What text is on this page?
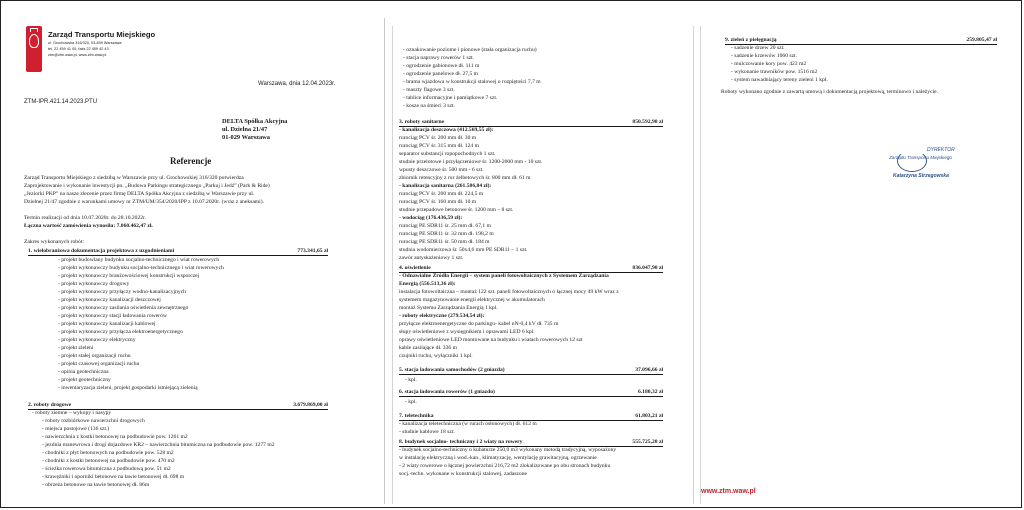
Zarząd Transportu Miejskiego
ul. Grochowska 316/320, 03-839 Warszawa
tel. 22 459 41 00, faks 22 459 42 43
ztm@ztm.waw.pl, www.ztm.waw.pl
Warszawa, dnia 12.04.2023r.
ZTM-IPR.421.14.2023.PTU
DELTA Spółka Akcyjna
ul. Dzielna 21/47
01-029 Warszawa
Referencje
Zarząd Transportu Miejskiego z siedzibą w Warszawie przy ul. Grochowskiej 316/320 potwierdza
Zaprojektowanie i wykonanie inwestycji pn. „Budowa Parkingu strategicznego „Parkuj i Jedź” (Park & Ride)
„Jeziorki PKP” na nasze zlecenie przez firmę DELTA Spółka Akcyjna z siedzibą w Warszawie przy ul.
Dzielnej 21/47 zgodnie z warunkami umowy nr ZTM/UM/354/2020/IPP z 10.07.2020r. (wraz z aneksami).
Termin realizacji od dnia 10.07.2020r. do 28.10.2022r.
Łączna wartość zamówienia wynosiła: 7.060.462,47 zł.
Zakres wykonanych robót:
1. wielobranżowa dokumentacja projektowa z uzgodnieniami	773.341,65 zł
- projekt budowlany budynku socjalno-technicznego i wiat rowerowych
- projekt wykonawczy budynku socjalno-technicznego i wiat rowerowych
- projekt wykonawczy branżowościowej konstrukcji wsporczej
- projekt wykonawczy drogowy
- projekt wykonawczy przyłączy wodno-kanalizacyjnych
- projekt wykonawczy kanalizacji deszczowej
- projekt wykonawczy zasilania oświetlenia zewnętrznego
- projekt wykonawczy stacji ładowania rowerów
- projekt wykonawczy kanalizacji kablowej
- projekt wykonawczy przyłącza elektroenergetycznego
- projekt wykonawczy elektryczny
- projekt zieleni
- projekt stałej organizacji ruchu
- projekt czasowej organizacji ruchu
- opinia geotechniczna
- projekt geotechniczny
- inwentaryzacja zieleni, projekt gospodarki istniejącą zielenią
2. roboty drogowe	3.679.869,00 zł
- roboty ziemne – wykopy i nasypy
- roboty rozbiórkowe nawierzchni drogowych
- miejsca postojowe (136 szt.)
- nawierzchnia z kostki betonowej na podbudowie pow. 1261 m2
- jezdnia manewrowa i drogi dojazdowe KR2 – nawierzchnia bitumiczna na podbudowie pow. 1277 m2
- chodniki z płyt betonowych na podbudowie pow. 528 m2
- chodniki z kostki betonowej na podbudowie pow. 470 m2
- ścieżka rowerowa bitumiczna z podbudową pow. 51 m2
- krawężniki i oporniki betonowe na ławie betonowej dł. 698 m
- obrzeża betonowe na ławie betonowej dł. 86m
- oznakowanie poziome i pionowe (stała organizacja ruchu)
- stacja naprawy rowerów 1 szt.
- ogrodzenie gabionowe dł. 111 m
- ogrodzenie panelowe dł. 27,5 m
- brama wjazdowa w konstrukcji stalowej o rozpiętości 7,7 m
- maszty flagowe 3 szt.
- tablice informacyjne i pamiątkowe 7 szt.
- kosze na śmieci 3 szt.
3. roboty sanitarne	850.592,98 zł
- kanalizacja deszczowa (412.569,55 zł):
rurociąg PCV śr. 200 mm dł. 30 m
rurociąg PCV śr. 315 mm dł. 124 m
separator substancji ropopochodnych 1 szt.
studnie przelotowe i przyłączeniowe śr. 1200-2000 mm - 10 szt.
wpusty deszczowe śr. 500 mm - 6 szt.
zbiornik retencyjny z rur żelbetowych śr. 800 mm dł. 61 m
- kanalizacja sanitarna (261.586,84 zł):
rurociąg PCV śr. 200 mm dł. 224,5 m
rurociąg PCV śr. 160 mm dł. 10 m
studnie przepadowe betonowe śr. 1200 mm – 8 szt.
- wodociąg (176.436,59 zł):
rurociąg PE SDR11 śr. 25 mm dł. 67,1 m
rurociąg PE SDR11 śr. 32 mm dł. 198,2 m
rurociąg PE SDR11 śr. 50 mm dł. 184 m
studnia wodomierzowa śr. 50x4,6 mm PE SDR11 – 1 szt.
zawór antyskażeniowy 1 szt.
4. oświetlenie	836.047,90 zł
- Odnawialne Źródła Energii – system paneli fotowoltaicznych z Systemem Zarządzania
Energią (556.513,36 zł):
instalacja fotowoltaiczna – montaż 122 szt. paneli fotowoltaicznych o łącznej mocy 49 kW wraz z
systemem magazynowanie energii elektrycznej w akumulatorach
montaż Systemu Zarządzania Energią 1 kpl.
- roboty elektryczne (279.534,54 zł):
przyłącze elektroenergetyczne do parkingu- kabel nN-0,4 kV dł. 735 m
słupy oświetleniowe z wysięgnikiem i oprawami LED 6 kpl.
oprawy oświetleniowe LED montowane na budynku i wiatach rowerowych 12 szt
kable zasilające dł. 336 m
czujniki ruchu, wyłączniki 1 kpl.
5. stacja ładowania samochodów (2 gniazda)	37.096,66 zł
- kpl.
6. stacja ładowania rowerów (1 gniazdo)	6.180,32 zł
- kpl.
7. teletechnika	61.803,21 zł
- kanalizacja teletechniczna (w rurach osłonowych) dł. 612 m
- studnie kablowe 18 szt.
8. budynek socjalno- techniczny i 2 wiaty na rowery	555.725,28 zł
- budynek socjalno-techniczny o kubaturze 250,0 m3 wykonany metodą tradycyjną, wyposażony
w instalację elektryczną i wod.-kan., klimatyzację, wentylację grawitacyjną, ogrzewanie
- 2 wiaty rowerowe o łącznej powierzchni 216,72 m2 zlokalizowane po obu stronach budynku
socj.-techn. wykonane w konstrukcji stalowej, zadaszone
9. zieleń z pielęgnacją	259.805,47 zł
- sadzenie drzew 20 szt.
- sadzenie krzewów 1060 szt.
- mulczowanie kory pow. 423 m2
- wykonanie trawników pow. 1516 m2
- system nawadniający tereny zieleni 1 kpl.
Roboty wykonano zgodnie z zawartą umową i dokumentacją projektową, terminowo i należycie.
DYREKTOR
Zarządu Transportu Miejskiego
Katarzyna Strzegowska
www.ztm.waw.pl
